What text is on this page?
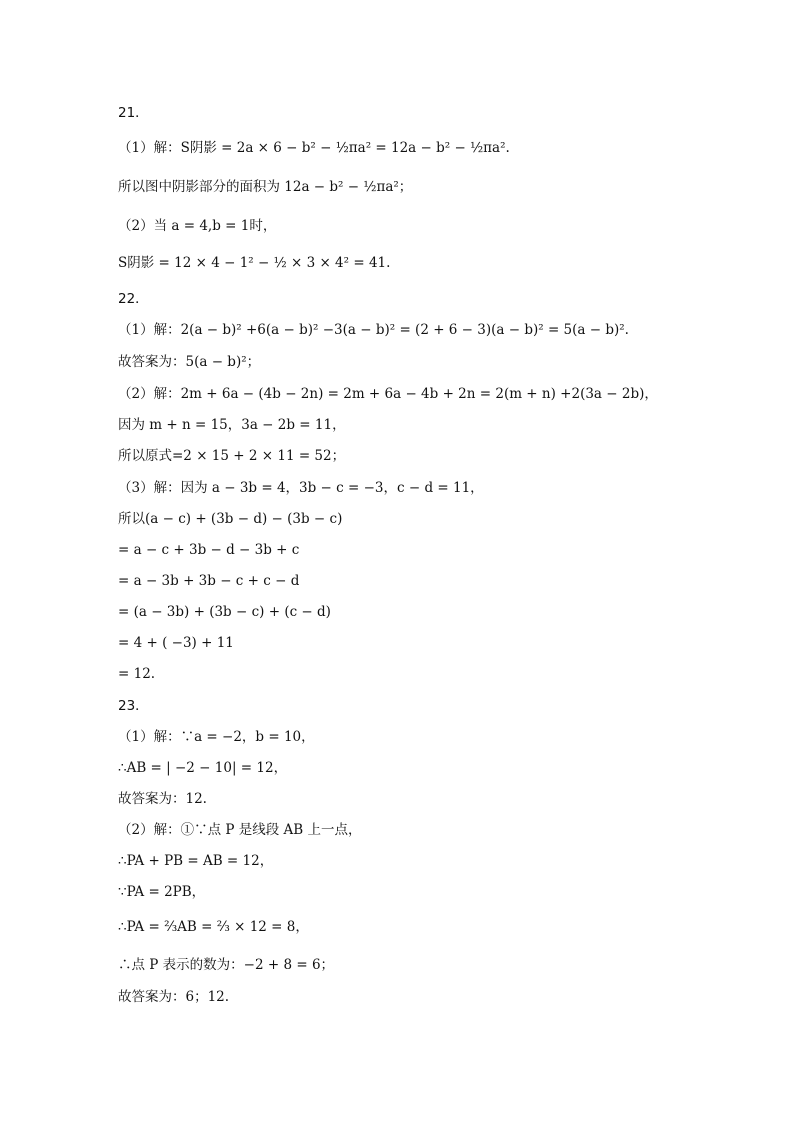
21．
（1）解：S阴影 = 2a × 6 − b² − ½πa² = 12a − b² − ½πa².
所以图中阴影部分的面积为 12a − b² − ½πa²；
（2）当 a = 4,b = 1时，
S阴影 = 12 × 4 − 1² − ½ × 3 × 4² = 41.
22．
（1）解：2(a − b)² +6(a − b)² −3(a − b)² = (2 + 6 − 3)(a − b)² = 5(a − b)².
故答案为：5(a − b)²；
（2）解：2m + 6a − (4b − 2n) = 2m + 6a − 4b + 2n = 2(m + n) +2(3a − 2b)，
因为 m + n = 15，3a − 2b = 11，
所以原式=2 × 15 + 2 × 11 = 52；
（3）解：因为 a − 3b = 4，3b − c = −3，c − d = 11，
所以(a − c) + (3b − d) − (3b − c)
= a − c + 3b − d − 3b + c
= a − 3b + 3b − c + c − d
= (a − 3b) + (3b − c) + (c − d)
= 4 + ( −3) + 11
= 12.
23．
（1）解：∵a = −2，b = 10，
∴AB = | −2 − 10| = 12，
故答案为：12.
（2）解：①∵点 P 是线段 AB 上一点，
∴PA + PB = AB = 12，
∵PA = 2PB，
∴PA = ⅔AB = ⅔ × 12 = 8，
∴点 P 表示的数为：−2 + 8 = 6；
故答案为：6；12.
